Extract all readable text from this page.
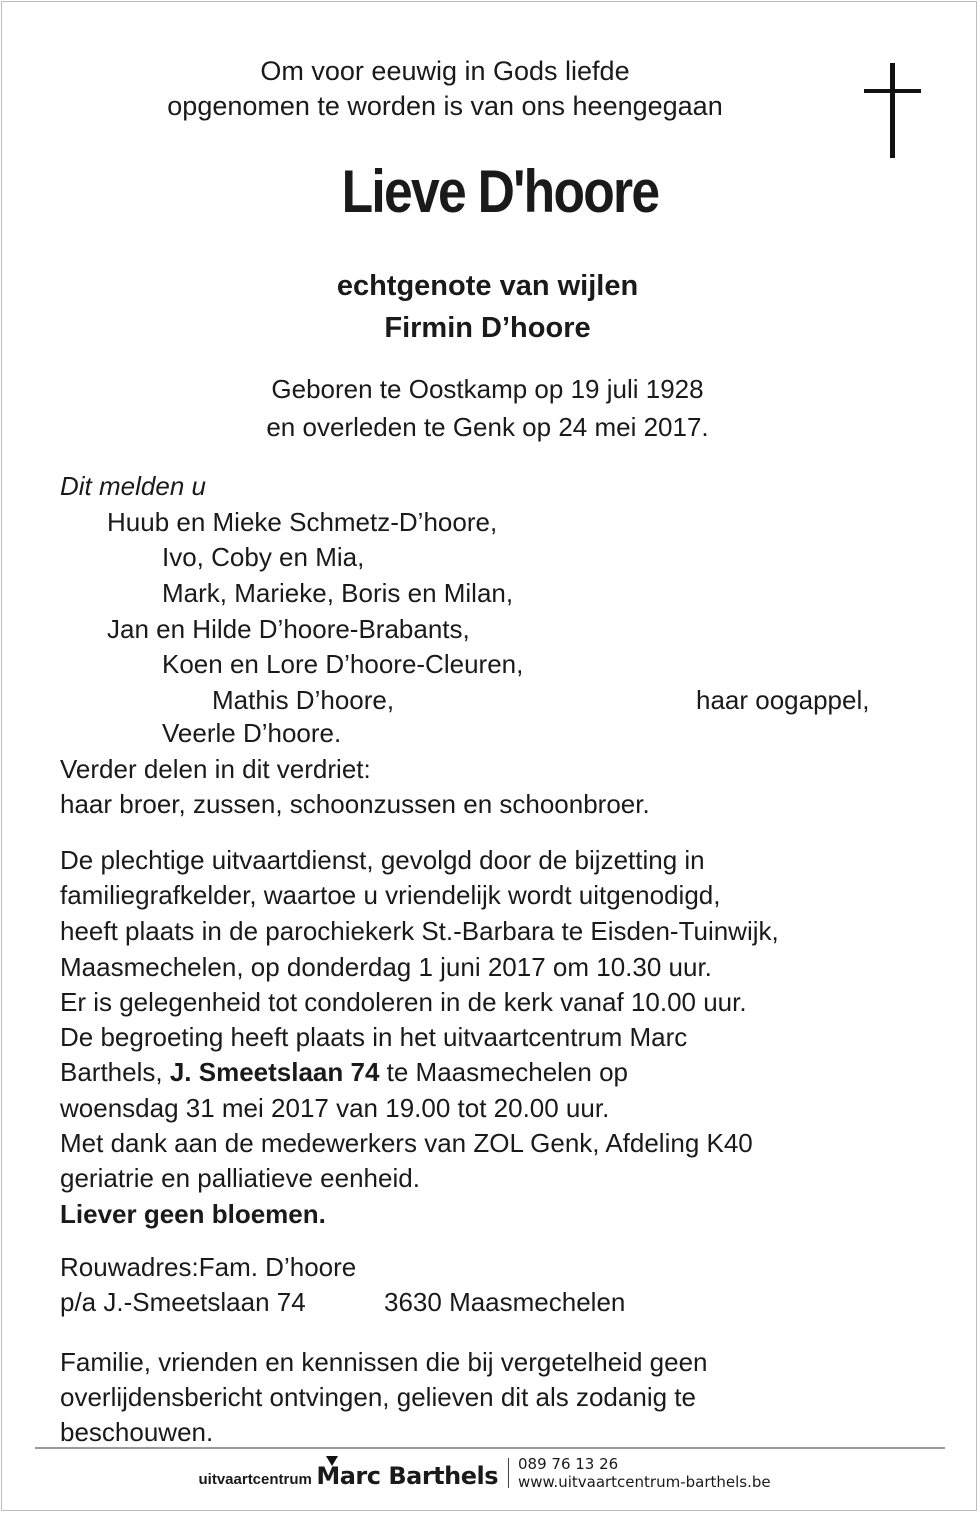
Om voor eeuwig in Gods liefde
opgenomen te worden is van ons heengegaan
Lieve D'hoore
echtgenote van wijlen
Firmin D’hoore
Geboren te Oostkamp op 19 juli 1928
en overleden te Genk op 24 mei 2017.
Dit melden u
Huub en Mieke Schmetz-D’hoore,
Ivo, Coby en Mia,
Mark, Marieke, Boris en Milan,
Jan en Hilde D’hoore-Brabants,
Koen en Lore D’hoore-Cleuren,
Mathis D’hoore,	haar oogappel,
Veerle D’hoore.
Verder delen in dit verdriet:
haar broer, zussen, schoonzussen en schoonbroer.
De plechtige uitvaartdienst, gevolgd door de bijzetting in
familiegrafkelder, waartoe u vriendelijk wordt uitgenodigd,
heeft plaats in de parochiekerk St.-Barbara te Eisden-Tuinwijk,
Maasmechelen, op donderdag 1 juni 2017 om 10.30 uur.
Er is gelegenheid tot condoleren in de kerk vanaf 10.00 uur.
De begroeting heeft plaats in het uitvaartcentrum Marc
Barthels, J. Smeetslaan 74 te Maasmechelen op
woensdag 31 mei 2017 van 19.00 tot 20.00 uur.
Met dank aan de medewerkers van ZOL Genk, Afdeling K40
geriatrie en palliatieve eenheid.
Liever geen bloemen.
Rouwadres:Fam. D’hoore
p/a J.-Smeetslaan 74	3630 Maasmechelen
Familie, vrienden en kennissen die bij vergetelheid geen
overlijdensbericht ontvingen, gelieven dit als zodanig te
beschouwen.
uitvaartcentrum Marc Barthels 089 76 13 26
www.uitvaartcentrum-barthels.be
